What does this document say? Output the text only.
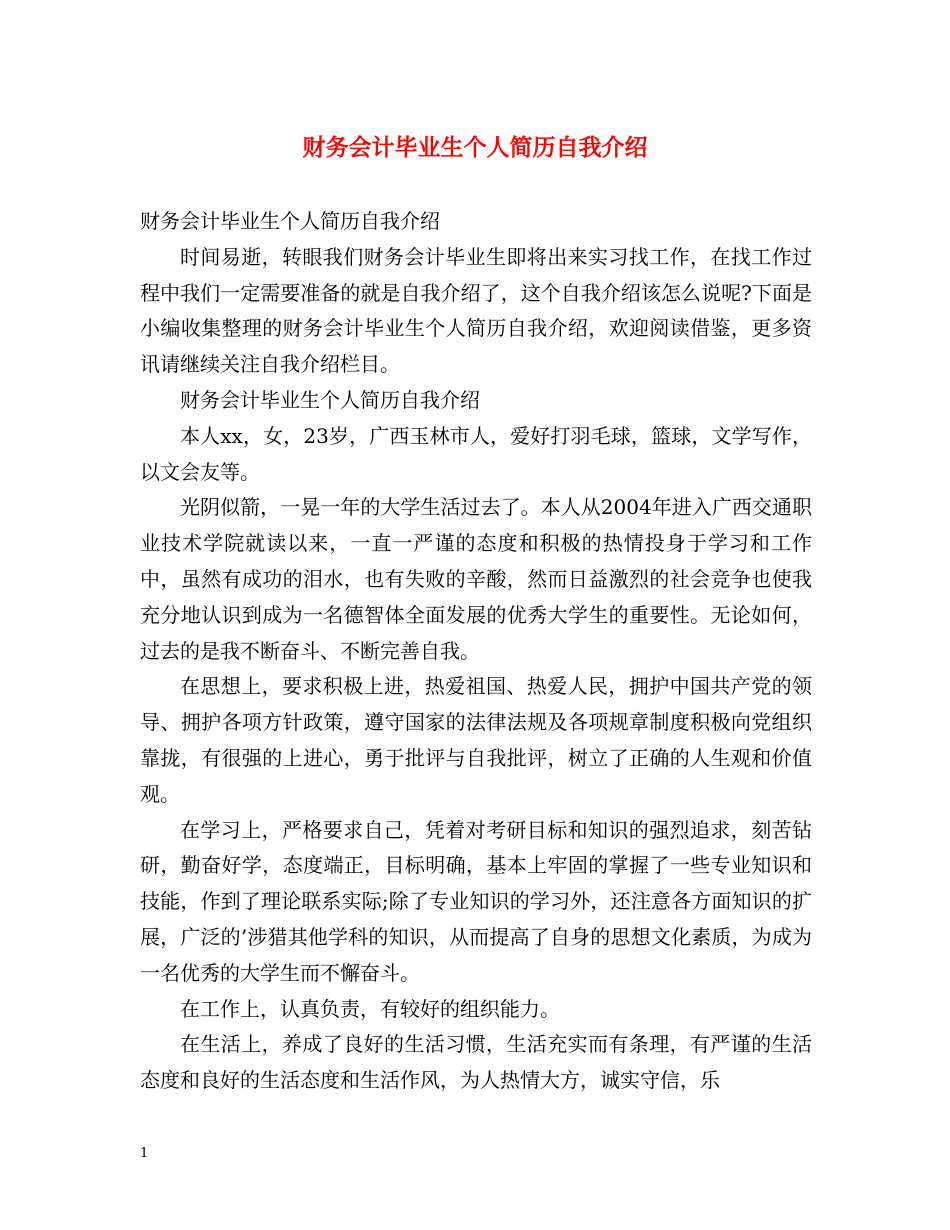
财务会计毕业生个人简历自我介绍

财务会计毕业生个人简历自我介绍

时间易逝，转眼我们财务会计毕业生即将出来实习找工作，在找工作过程中我们一定需要准备的就是自我介绍了，这个自我介绍该怎么说呢?下面是小编收集整理的财务会计毕业生个人简历自我介绍，欢迎阅读借鉴，更多资讯请继续关注自我介绍栏目。

财务会计毕业生个人简历自我介绍

本人xx，女，23岁，广西玉林市人，爱好打羽毛球，篮球，文学写作，以文会友等。

光阴似箭，一晃一年的大学生活过去了。本人从2004年进入广西交通职业技术学院就读以来，一直一严谨的态度和积极的热情投身于学习和工作中，虽然有成功的泪水，也有失败的辛酸，然而日益激烈的社会竞争也使我充分地认识到成为一名德智体全面发展的优秀大学生的重要性。无论如何，过去的是我不断奋斗、不断完善自我。

在思想上，要求积极上进，热爱祖国、热爱人民，拥护中国共产党的领导、拥护各项方针政策，遵守国家的法律法规及各项规章制度积极向党组织靠拢，有很强的上进心，勇于批评与自我批评，树立了正确的人生观和价值观。

在学习上，严格要求自己，凭着对考研目标和知识的强烈追求，刻苦钻研，勤奋好学，态度端正，目标明确，基本上牢固的掌握了一些专业知识和技能，作到了理论联系实际;除了专业知识的学习外，还注意各方面知识的扩展，广泛的’涉猎其他学科的知识，从而提高了自身的思想文化素质，为成为一名优秀的大学生而不懈奋斗。

在工作上，认真负责，有较好的组织能力。

在生活上，养成了良好的生活习惯，生活充实而有条理，有严谨的生活态度和良好的生活态度和生活作风，为人热情大方，诚实守信，乐

1
